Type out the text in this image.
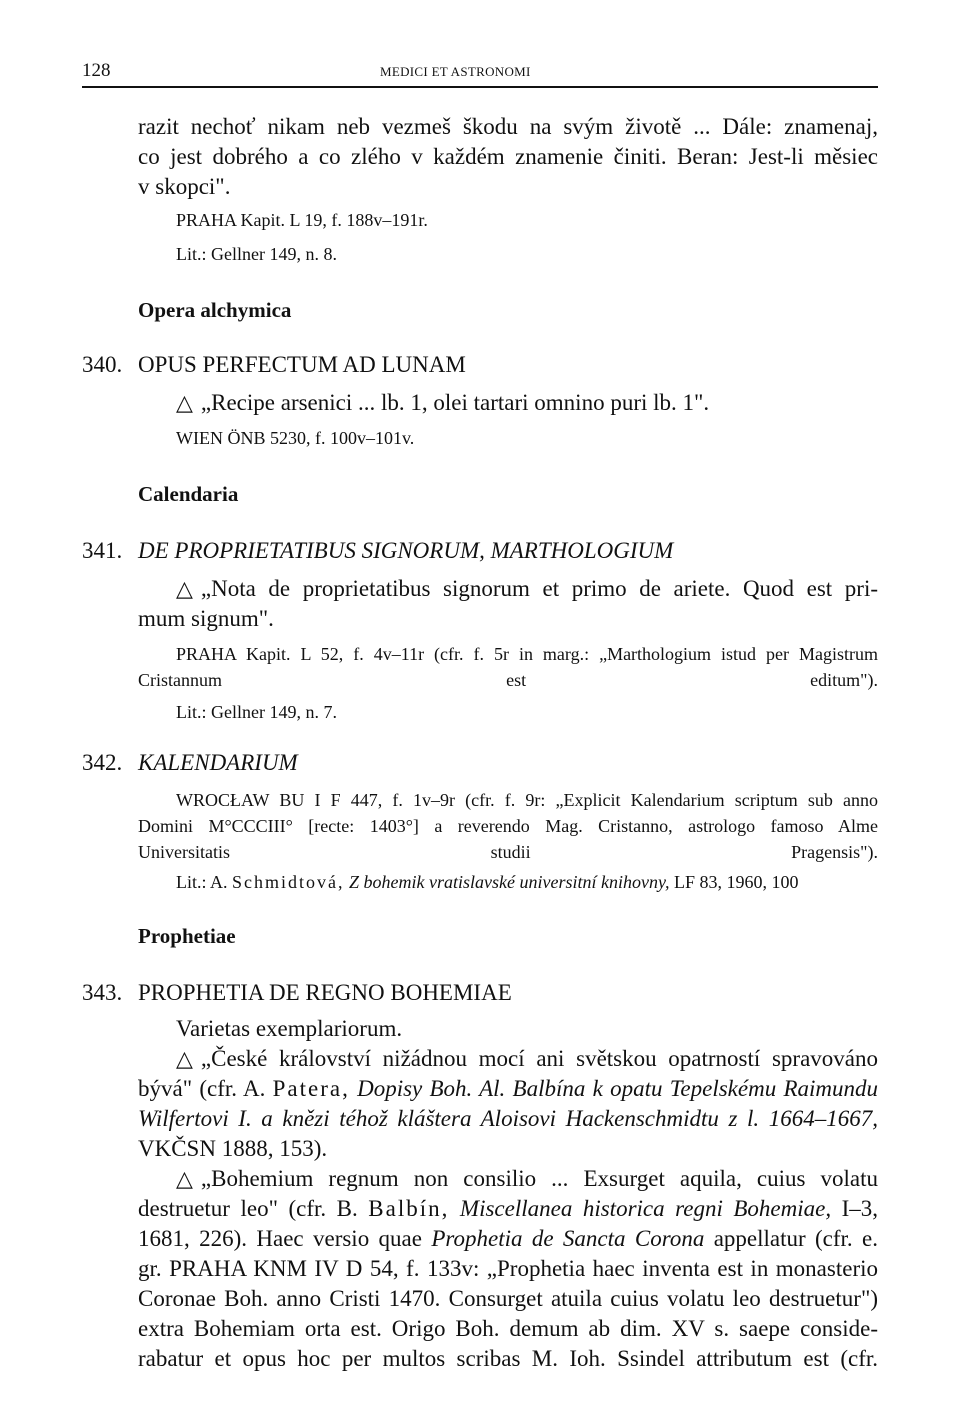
128	MEDICI ET ASTRONOMI
razit nechoť nikam neb vezmeš škodu na svým životě ... Dále: znamenaj,
co jest dobrého a co zlého v každém znamenie činiti. Beran: Jest-li měsiec
v skopci".
PRAHA Kapit. L 19, f. 188v–191r.
Lit.: Gellner 149, n. 8.
Opera alchymica
340. OPUS PERFECTUM AD LUNAM
△ „Recipe arsenici ... lb. 1, olei tartari omnino puri lb. 1".
WIEN ÖNB 5230, f. 100v–101v.
Calendaria
341. DE PROPRIETATIBUS SIGNORUM, MARTHOLOGIUM
△ „Nota de proprietatibus signorum et primo de ariete. Quod est pri-
mum signum".
PRAHA Kapit. L 52, f. 4v–11r (cfr. f. 5r in marg.: „Marthologium istud per Magistrum
Cristannum est editum").
Lit.: Gellner 149, n. 7.
342. KALENDARIUM
WROCŁAW BU I F 447, f. 1v–9r (cfr. f. 9r: „Explicit Kalendarium scriptum sub anno
Domini M°CCCIII° [recte: 1403°] a reverendo Mag. Cristanno, astrologo famoso Alme
Universitatis studii Pragensis").
Lit.: A. Schmidtová, Z bohemik vratislavské universitní knihovny, LF 83, 1960, 100
Prophetiae
343. PROPHETIA DE REGNO BOHEMIAE
Varietas exemplariorum.
△ „České království nižádnou mocí ani světskou opatrností spravováno
bývá" (cfr. A. Patera, Dopisy Boh. Al. Balbína k opatu Tepelskému Raimundu
Wilfertovi I. a knězi téhož kláštera Aloisovi Hackenschmidtu z l. 1664–1667,
VKČSN 1888, 153).
△ „Bohemium regnum non consilio ... Exsurget aquila, cuius volatu
destruetur leo" (cfr. B. Balbín, Miscellanea historica regni Bohemiae, I–3,
1681, 226). Haec versio quae Prophetia de Sancta Corona appellatur (cfr. e.
gr. PRAHA KNM IV D 54, f. 133v: „Prophetia haec inventa est in monasterio
Coronae Boh. anno Cristi 1470. Consurget atuila cuius volatu leo destruetur")
extra Bohemiam orta est. Origo Boh. demum ab dim. XV s. saepe conside-
rabatur et opus hoc per multos scribas M. Ioh. Ssindel attributum est (cfr.
